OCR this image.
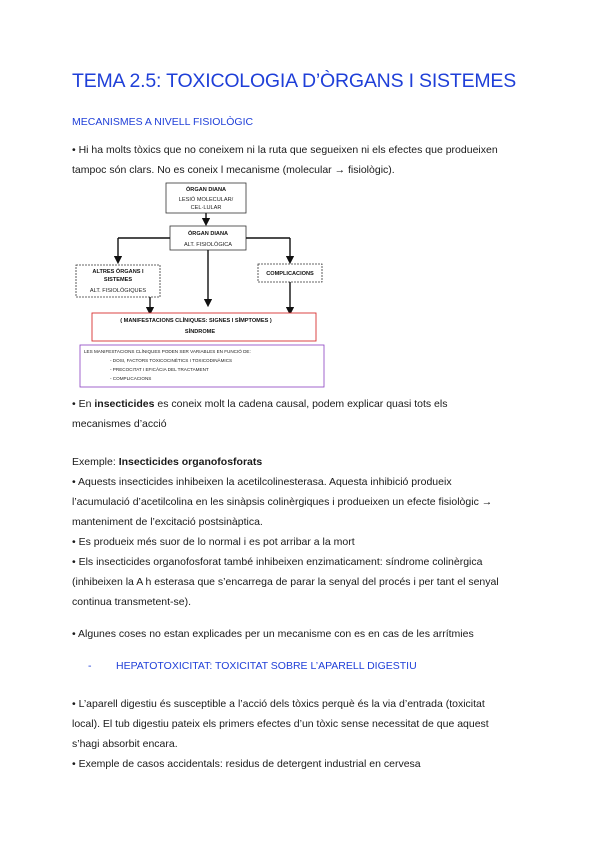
TEMA 2.5: TOXICOLOGIA D’ÒRGANS I SISTEMES
MECANISMES A NIVELL FISIOLÒGIC
• Hi ha molts tòxics que no coneixem ni la ruta que segueixen ni els efectes que produeixen
tampoc són clars. No es coneix l mecanisme (molecular → fisiològic).
ÒRGAN DIANA
LESIÓ MOLECULAR/
CEL·LULAR
ÒRGAN DIANA
ALT. FISIOLÒGICA
ALTRES ÒRGANS I
SISTEMES
ALT. FISIOLÒGIQUES
COMPLICACIONS
( MANIFESTACIONS CLÍNIQUES: SIGNES I SÍMPTOMES )
SÍNDROME
LES MANIFESTACIONS CLÍNIQUES PODEN SER VARIABLES EN FUNCIÓ DE:
- DOSI, FACTORS TOXICOCINÈTICS I TOXICODINÀMICS
- PRECOCITAT I EFICÀCIA DEL TRACTAMENT
- COMPLICACIONS
• En insecticides es coneix molt la cadena causal, podem explicar quasi tots els
mecanismes d’acció
Exemple: Insecticides organofosforats
• Aquests insecticides inhibeixen la acetilcolinesterasa. Aquesta inhibició produeix
l’acumulació d’acetilcolina en les sinàpsis colinèrgiques i produeixen un efecte fisiològic →
manteniment de l’excitació postsinàptica.
• Es produeix més suor de lo normal i es pot arribar a la mort
• Els insecticides organofosforat també inhibeixen enzimaticament: síndrome colinèrgica
(inhibeixen la A h esterasa que s’encarrega de parar la senyal del procés i per tant el senyal
continua transmetent-se).
• Algunes coses no estan explicades per un mecanisme con es en cas de les arrítmies
- HEPATOTOXICITAT: TOXICITAT SOBRE L’APARELL DIGESTIU
• L’aparell digestiu és susceptible a l’acció dels tòxics perquè és la via d’entrada (toxicitat
local). El tub digestiu pateix els primers efectes d’un tòxic sense necessitat de que aquest
s’hagi absorbit encara.
• Exemple de casos accidentals: residus de detergent industrial en cervesa
